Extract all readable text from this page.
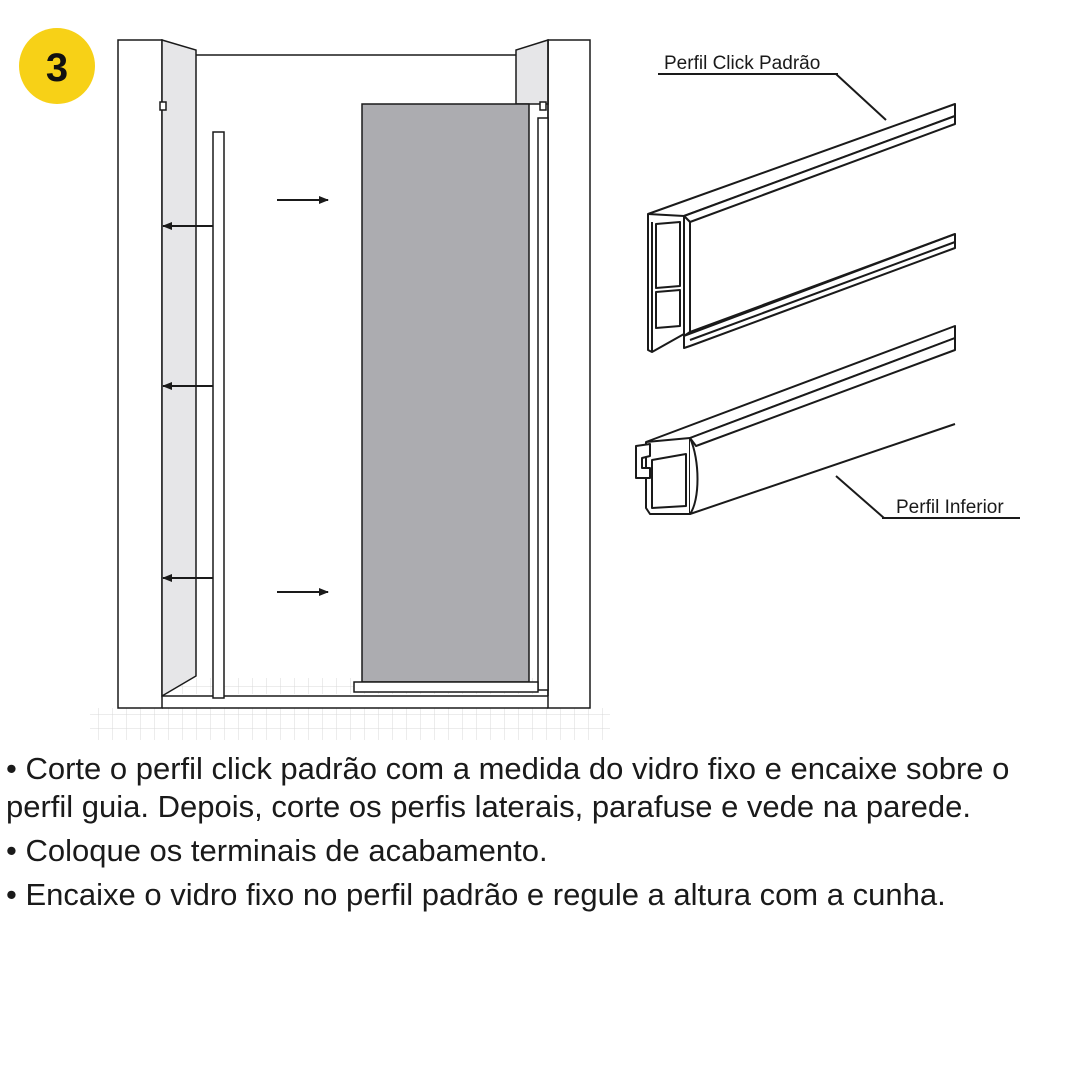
3	Perfil Click Padrão
Perfil Inferior
• Corte o perfil click padrão com a medida do vidro fixo e encaixe sobre o perfil guia. Depois, corte os perfis laterais, parafuse e vede na parede.
• Coloque os terminais de acabamento.
• Encaixe o vidro fixo no perfil padrão e regule a altura com a cunha.
